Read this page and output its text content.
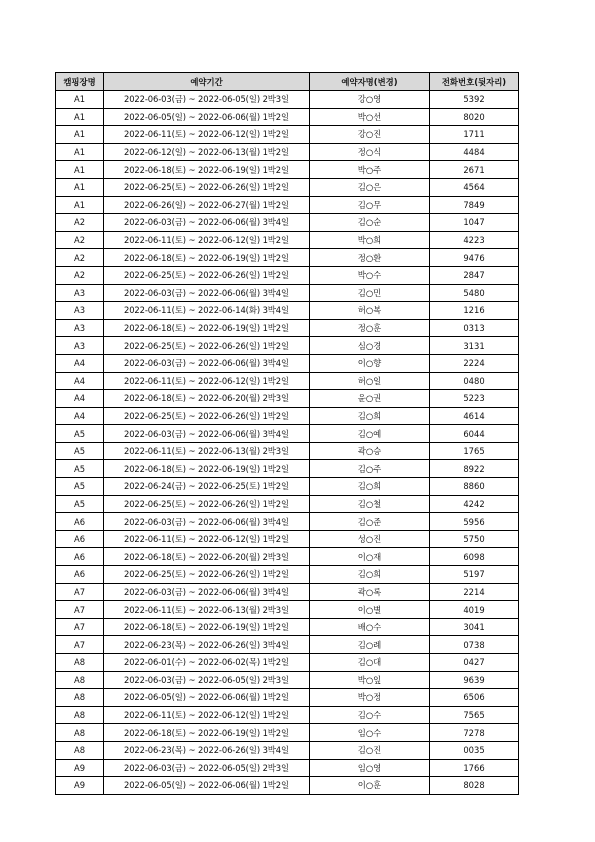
캠핑장명	예약기간	예약자명(변경)	전화번호(뒷자리)
A1	2022-06-03(금) ~ 2022-06-05(일) 2박3일	강○영	5392
A1	2022-06-05(일) ~ 2022-06-06(월) 1박2일	박○선	8020
A1	2022-06-11(토) ~ 2022-06-12(일) 1박2일	강○진	1711
A1	2022-06-12(일) ~ 2022-06-13(월) 1박2일	정○식	4484
A1	2022-06-18(토) ~ 2022-06-19(일) 1박2일	박○주	2671
A1	2022-06-25(토) ~ 2022-06-26(일) 1박2일	김○은	4564
A1	2022-06-26(일) ~ 2022-06-27(월) 1박2일	김○무	7849
A2	2022-06-03(금) ~ 2022-06-06(월) 3박4일	김○순	1047
A2	2022-06-11(토) ~ 2022-06-12(일) 1박2일	박○희	4223
A2	2022-06-18(토) ~ 2022-06-19(일) 1박2일	정○환	9476
A2	2022-06-25(토) ~ 2022-06-26(일) 1박2일	박○수	2847
A3	2022-06-03(금) ~ 2022-06-06(월) 3박4일	김○민	5480
A3	2022-06-11(토) ~ 2022-06-14(화) 3박4일	허○복	1216
A3	2022-06-18(토) ~ 2022-06-19(일) 1박2일	정○훈	0313
A3	2022-06-25(토) ~ 2022-06-26(일) 1박2일	심○경	3131
A4	2022-06-03(금) ~ 2022-06-06(월) 3박4일	이○향	2224
A4	2022-06-11(토) ~ 2022-06-12(일) 1박2일	허○일	0480
A4	2022-06-18(토) ~ 2022-06-20(월) 2박3일	윤○권	5223
A4	2022-06-25(토) ~ 2022-06-26(일) 1박2일	김○희	4614
A5	2022-06-03(금) ~ 2022-06-06(월) 3박4일	김○예	6044
A5	2022-06-11(토) ~ 2022-06-13(월) 2박3일	곽○승	1765
A5	2022-06-18(토) ~ 2022-06-19(일) 1박2일	김○주	8922
A5	2022-06-24(금) ~ 2022-06-25(토) 1박2일	김○희	8860
A5	2022-06-25(토) ~ 2022-06-26(일) 1박2일	김○철	4242
A6	2022-06-03(금) ~ 2022-06-06(월) 3박4일	김○준	5956
A6	2022-06-11(토) ~ 2022-06-12(일) 1박2일	성○진	5750
A6	2022-06-18(토) ~ 2022-06-20(월) 2박3일	이○재	6098
A6	2022-06-25(토) ~ 2022-06-26(일) 1박2일	김○희	5197
A7	2022-06-03(금) ~ 2022-06-06(월) 3박4일	곽○록	2214
A7	2022-06-11(토) ~ 2022-06-13(월) 2박3일	이○별	4019
A7	2022-06-18(토) ~ 2022-06-19(일) 1박2일	배○수	3041
A7	2022-06-23(목) ~ 2022-06-26(일) 3박4일	김○례	0738
A8	2022-06-01(수) ~ 2022-06-02(목) 1박2일	김○대	0427
A8	2022-06-03(금) ~ 2022-06-05(일) 2박3일	박○잎	9639
A8	2022-06-05(일) ~ 2022-06-06(월) 1박2일	박○정	6506
A8	2022-06-11(토) ~ 2022-06-12(일) 1박2일	김○수	7565
A8	2022-06-18(토) ~ 2022-06-19(일) 1박2일	임○수	7278
A8	2022-06-23(목) ~ 2022-06-26(일) 3박4일	김○진	0035
A9	2022-06-03(금) ~ 2022-06-05(일) 2박3일	임○영	1766
A9	2022-06-05(일) ~ 2022-06-06(월) 1박2일	이○훈	8028
